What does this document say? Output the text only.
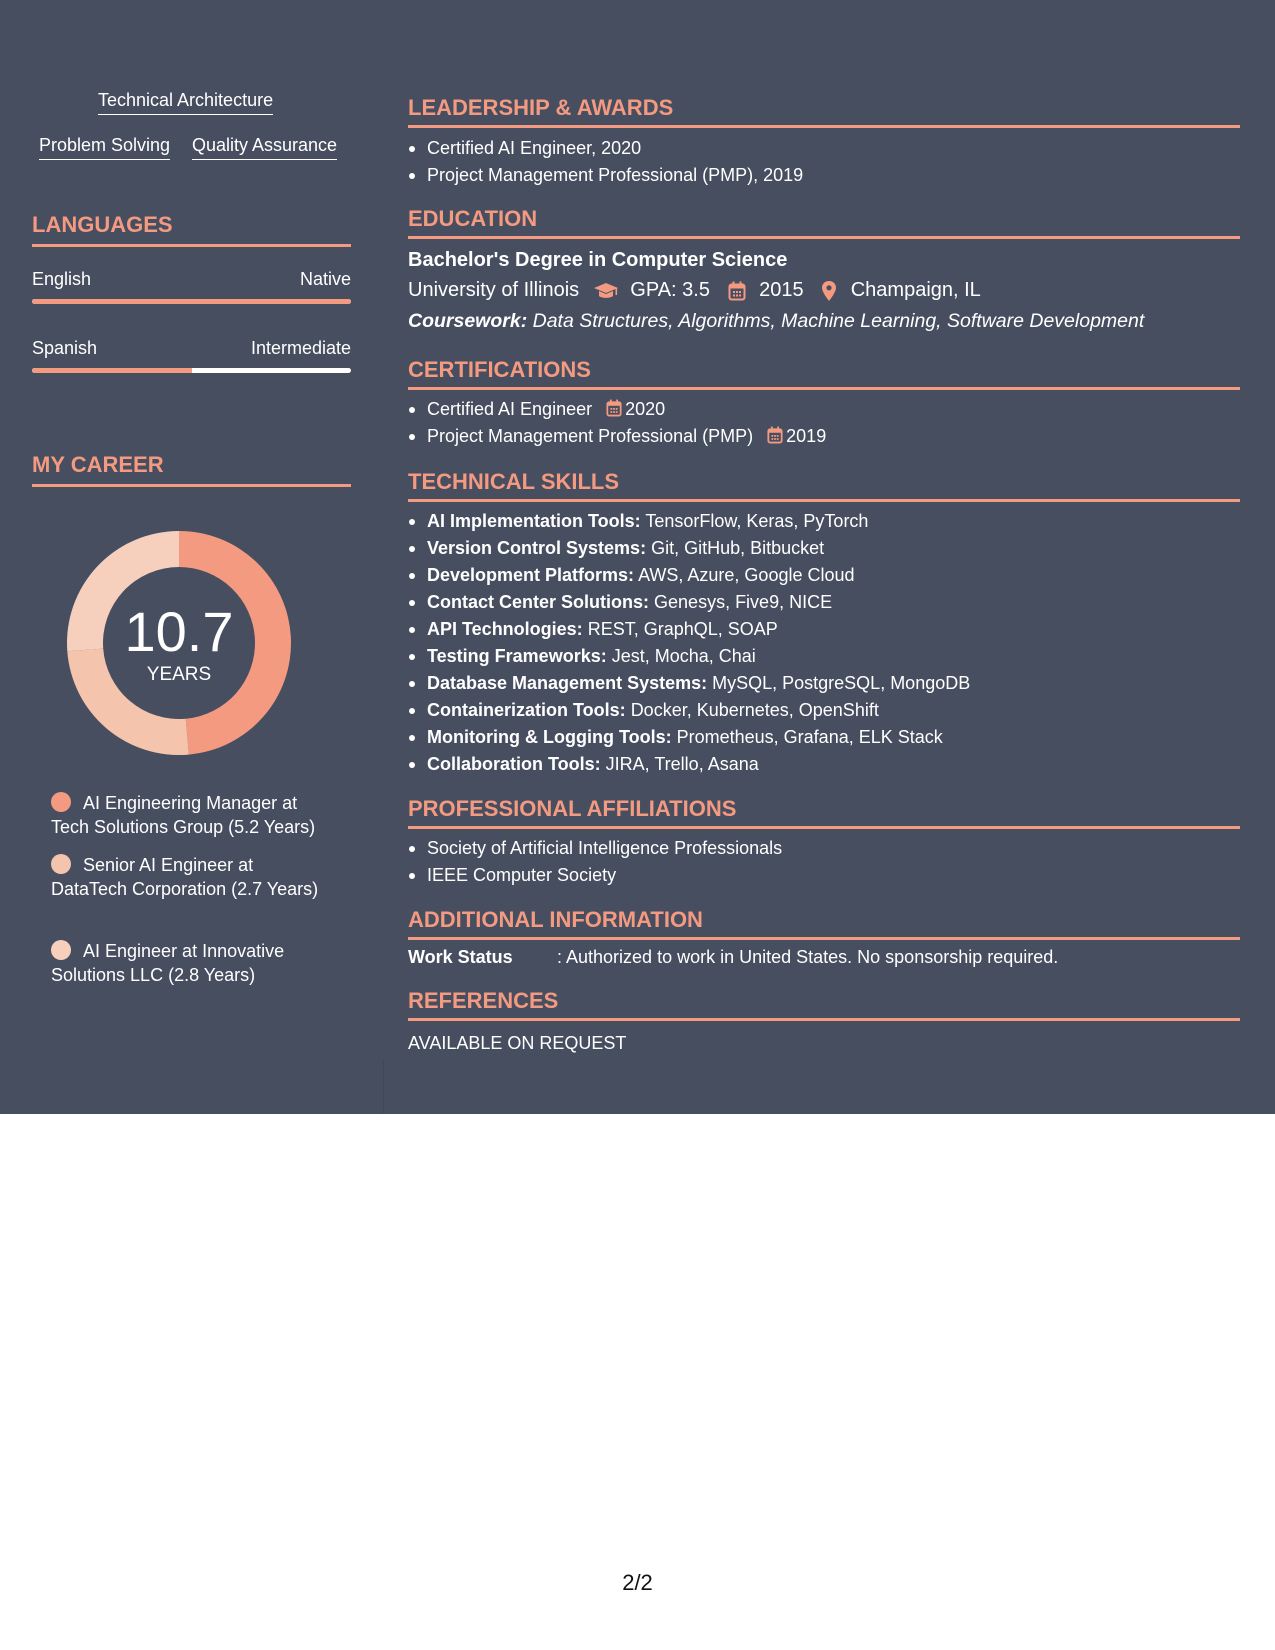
Technical Architecture
Problem Solving Quality Assurance
LANGUAGES
English	Native
Spanish	Intermediate
MY CAREER
10.7
YEARS
AI Engineering Manager at Tech Solutions Group (5.2 Years)
Senior AI Engineer at DataTech Corporation (2.7 Years)
AI Engineer at Innovative Solutions LLC (2.8 Years)
LEADERSHIP & AWARDS
Certified AI Engineer, 2020
Project Management Professional (PMP), 2019
EDUCATION
Bachelor's Degree in Computer Science
University of Illinois	GPA: 3.5 2015 Champaign, IL
Coursework: Data Structures, Algorithms, Machine Learning, Software Development
CERTIFICATIONS
Certified AI Engineer 2020
Project Management Professional (PMP) 2019
TECHNICAL SKILLS
AI Implementation Tools: TensorFlow, Keras, PyTorch
Version Control Systems: Git, GitHub, Bitbucket
Development Platforms: AWS, Azure, Google Cloud
Contact Center Solutions: Genesys, Five9, NICE
API Technologies: REST, GraphQL, SOAP
Testing Frameworks: Jest, Mocha, Chai
Database Management Systems: MySQL, PostgreSQL, MongoDB
Containerization Tools: Docker, Kubernetes, OpenShift
Monitoring & Logging Tools: Prometheus, Grafana, ELK Stack
Collaboration Tools: JIRA, Trello, Asana
PROFESSIONAL AFFILIATIONS
Society of Artificial Intelligence Professionals
IEEE Computer Society
ADDITIONAL INFORMATION
Work Status : Authorized to work in United States. No sponsorship required.
REFERENCES
AVAILABLE ON REQUEST
2/2
